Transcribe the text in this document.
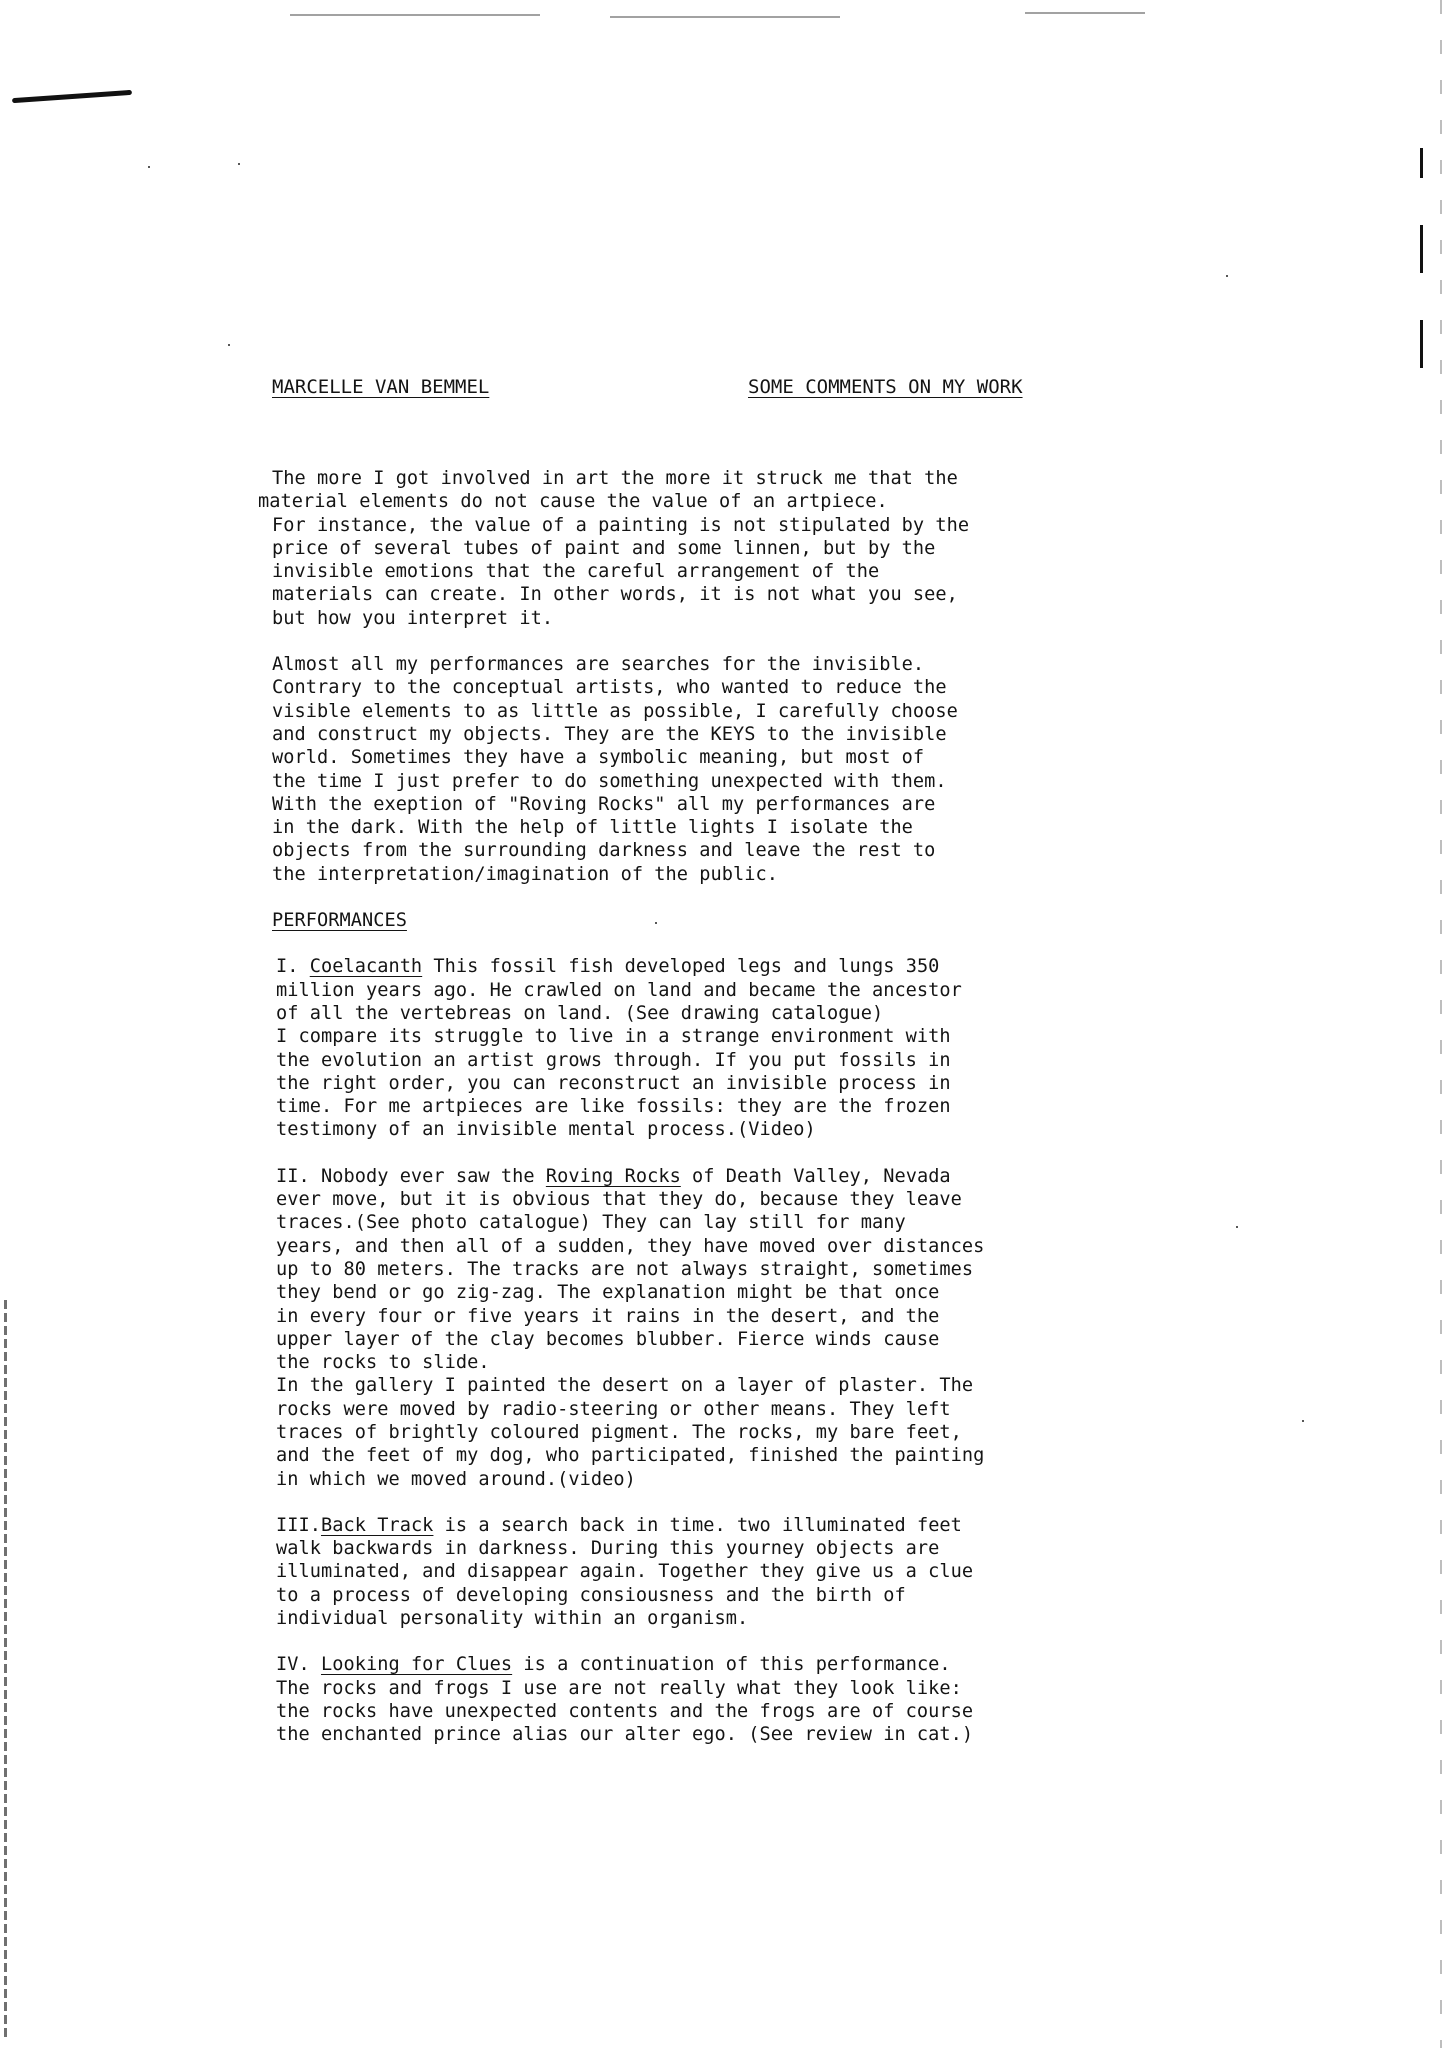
MARCELLE VAN BEMMEL	SOME COMMENTS ON MY WORK

The more I got involved in art the more it struck me that the
material elements do not cause the value of an artpiece.
For instance, the value of a painting is not stipulated by the
price of several tubes of paint and some linnen, but by the
invisible emotions that the careful arrangement of the
materials can create. In other words, it is not what you see,
but how you interpret it.

Almost all my performances are searches for the invisible.
Contrary to the conceptual artists, who wanted to reduce the
visible elements to as little as possible, I carefully choose
and construct my objects. They are the KEYS to the invisible
world. Sometimes they have a symbolic meaning, but most of
the time I just prefer to do something unexpected with them.
With the exeption of "Roving Rocks" all my performances are
in the dark. With the help of little lights I isolate the
objects from the surrounding darkness and leave the rest to
the interpretation/imagination of the public.

PERFORMANCES

I. Coelacanth This fossil fish developed legs and lungs 350
million years ago. He crawled on land and became the ancestor
of all the vertebreas on land. (See drawing catalogue)
I compare its struggle to live in a strange environment with
the evolution an artist grows through. If you put fossils in
the right order, you can reconstruct an invisible process in
time. For me artpieces are like fossils: they are the frozen
testimony of an invisible mental process.(Video)

II. Nobody ever saw the Roving Rocks of Death Valley, Nevada
ever move, but it is obvious that they do, because they leave
traces.(See photo catalogue) They can lay still for many
years, and then all of a sudden, they have moved over distances
up to 80 meters. The tracks are not always straight, sometimes
they bend or go zig-zag. The explanation might be that once
in every four or five years it rains in the desert, and the
upper layer of the clay becomes blubber. Fierce winds cause
the rocks to slide.
In the gallery I painted the desert on a layer of plaster. The
rocks were moved by radio-steering or other means. They left
traces of brightly coloured pigment. The rocks, my bare feet,
and the feet of my dog, who participated, finished the painting
in which we moved around.(video)

III.Back Track is a search back in time. two illuminated feet
walk backwards in darkness. During this yourney objects are
illuminated, and disappear again. Together they give us a clue
to a process of developing consiousness and the birth of
individual personality within an organism.

IV. Looking for Clues is a continuation of this performance.
The rocks and frogs I use are not really what they look like:
the rocks have unexpected contents and the frogs are of course
the enchanted prince alias our alter ego. (See review in cat.)
